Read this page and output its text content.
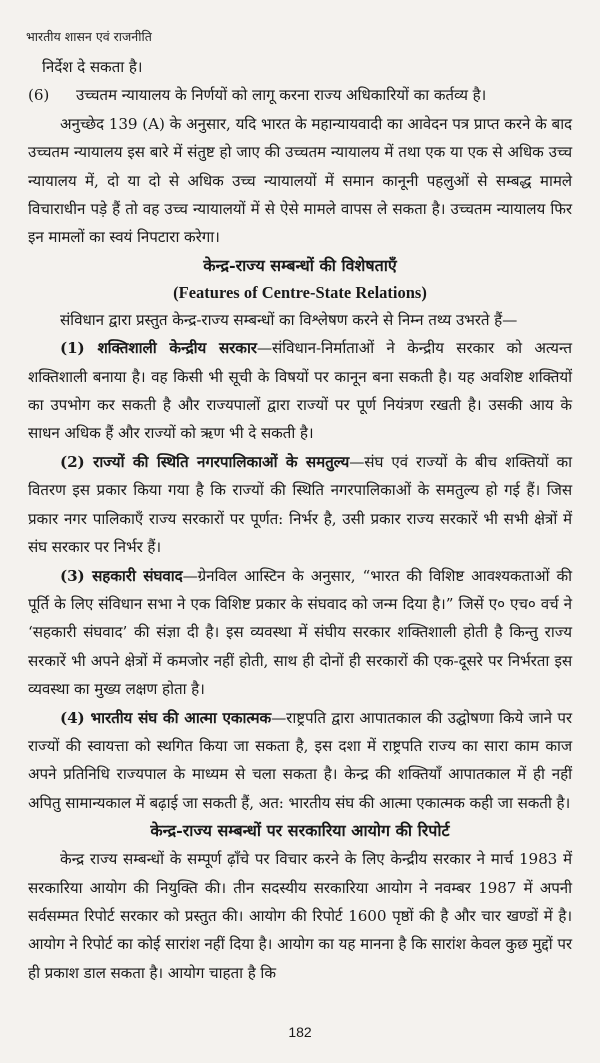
भारतीय शासन एवं राजनीति

निर्देश दे सकता है।

(6) उच्चतम न्यायालय के निर्णयों को लागू करना राज्य अधिकारियों का कर्तव्य है।

अनुच्छेद 139 (A) के अनुसार, यदि भारत के महान्यायवादी का आवेदन पत्र प्राप्त करने के बाद उच्चतम न्यायालय इस बारे में संतुष्ट हो जाए की उच्चतम न्यायालय में तथा एक या एक से अधिक उच्च न्यायालय में, दो या दो से अधिक उच्च न्यायालयों में समान कानूनी पहलुओं से सम्बद्ध मामले विचाराधीन पड़े हैं तो वह उच्च न्यायालयों में से ऐसे मामले वापस ले सकता है। उच्चतम न्यायालय फिर इन मामलों का स्वयं निपटारा करेगा।

केन्द्र-राज्य सम्बन्धों की विशेषताएँ
(Features of Centre-State Relations)

संविधान द्वारा प्रस्तुत केन्द्र-राज्य सम्बन्धों का विश्लेषण करने से निम्न तथ्य उभरते हैं—

(1) शक्तिशाली केन्द्रीय सरकार—संविधान-निर्माताओं ने केन्द्रीय सरकार को अत्यन्त शक्तिशाली बनाया है। वह किसी भी सूची के विषयों पर कानून बना सकती है। यह अवशिष्ट शक्तियों का उपभोग कर सकती है और राज्यपालों द्वारा राज्यों पर पूर्ण नियंत्रण रखती है। उसकी आय के साधन अधिक हैं और राज्यों को ऋण भी दे सकती है।

(2) राज्यों की स्थिति नगरपालिकाओं के समतुल्य—संघ एवं राज्यों के बीच शक्तियों का वितरण इस प्रकार किया गया है कि राज्यों की स्थिति नगरपालिकाओं के समतुल्य हो गई हैं। जिस प्रकार नगर पालिकाएँ राज्य सरकारों पर पूर्णत: निर्भर है, उसी प्रकार राज्य सरकारें भी सभी क्षेत्रों में संघ सरकार पर निर्भर हैं।

(3) सहकारी संघवाद—ग्रेनविल आस्टिन के अनुसार, “भारत की विशिष्ट आवश्यकताओं की पूर्ति के लिए संविधान सभा ने एक विशिष्ट प्रकार के संघवाद को जन्म दिया है।” जिसें ए० एच० वर्च ने ‘सहकारी संघवाद’ की संज्ञा दी है। इस व्यवस्था में संघीय सरकार शक्तिशाली होती है किन्तु राज्य सरकारें भी अपने क्षेत्रों में कमजोर नहीं होती, साथ ही दोनों ही सरकारों की एक-दूसरे पर निर्भरता इस व्यवस्था का मुख्य लक्षण होता है।

(4) भारतीय संघ की आत्मा एकात्मक—राष्ट्रपति द्वारा आपातकाल की उद्घोषणा किये जाने पर राज्यों की स्वायत्ता को स्थगित किया जा सकता है, इस दशा में राष्ट्रपति राज्य का सारा काम काज अपने प्रतिनिधि राज्यपाल के माध्यम से चला सकता है। केन्द्र की शक्तियाँ आपातकाल में ही नहीं अपितु सामान्यकाल में बढ़ाई जा सकती हैं, अत: भारतीय संघ की आत्मा एकात्मक कही जा सकती है।

केन्द्र-राज्य सम्बन्धों पर सरकारिया आयोग की रिपोर्ट

केन्द्र राज्य सम्बन्धों के सम्पूर्ण ढ़ाँचे पर विचार करने के लिए केन्द्रीय सरकार ने मार्च 1983 में सरकारिया आयोग की नियुक्ति की। तीन सदस्यीय सरकारिया आयोग ने नवम्बर 1987 में अपनी सर्वसम्मत रिपोर्ट सरकार को प्रस्तुत की। आयोग की रिपोर्ट 1600 पृष्ठों की है और चार खण्डों में है। आयोग ने रिपोर्ट का कोई सारांश नहीं दिया है। आयोग का यह मानना है कि सारांश केवल कुछ मुद्दों पर ही प्रकाश डाल सकता है। आयोग चाहता है कि

182
